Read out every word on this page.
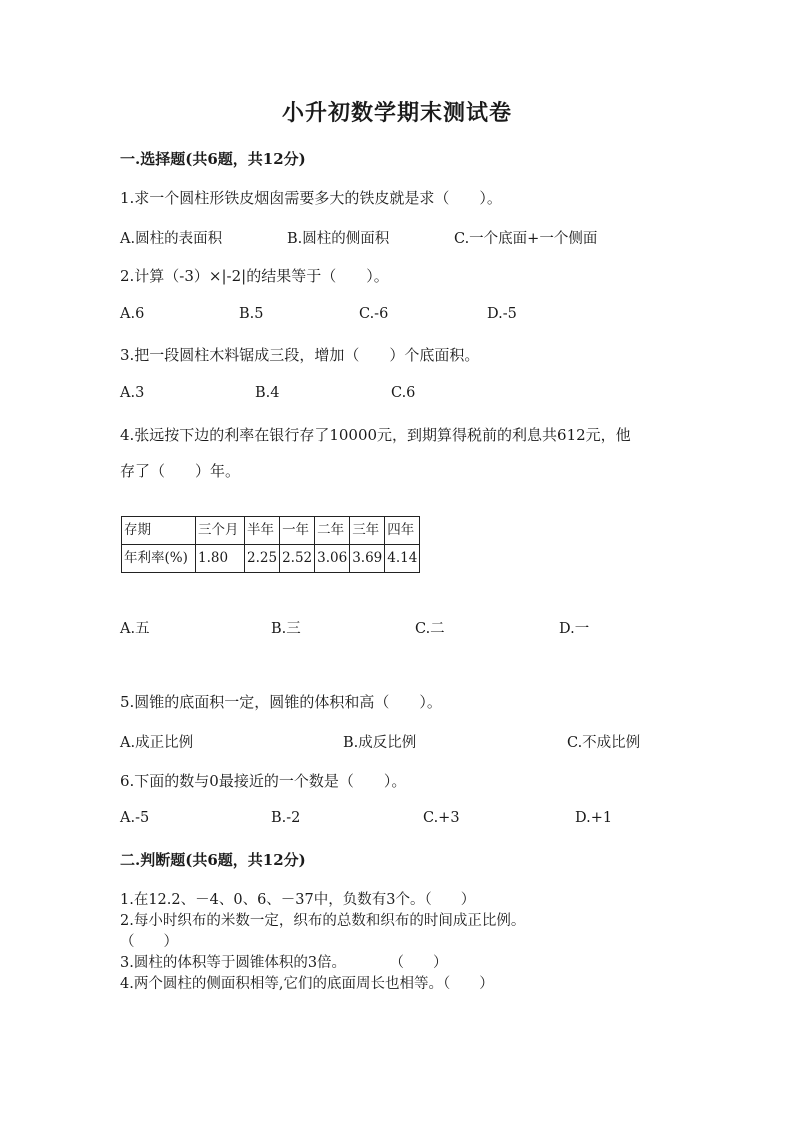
小升初数学期末测试卷
一.选择题(共6题，共12分)
1.求一个圆柱形铁皮烟囱需要多大的铁皮就是求（　　）。
A.圆柱的表面积	B.圆柱的侧面积	C.一个底面+一个侧面
2.计算（-3）×|-2|的结果等于（　　）。
A.6	B.5	C.-6	D.-5
3.把一段圆柱木料锯成三段，增加（　　）个底面积。
A.3	B.4	C.6
4.张远按下边的利率在银行存了10000元，到期算得税前的利息共612元，他
存了（　　）年。
存期	三个月	半年	一年	二年	三年	四年
年利率(%)	1.80	2.25	2.52	3.06	3.69	4.14
A.五	B.三	C.二	D.一
5.圆锥的底面积一定，圆锥的体积和高（　　）。
A.成正比例	B.成反比例	C.不成比例
6.下面的数与0最接近的一个数是（　　）。
A.-5	B.-2	C.+3	D.+1
二.判断题(共6题，共12分)
1.在12.2、－4、0、6、－37中，负数有3个。（　　）
2.每小时织布的米数一定，织布的总数和织布的时间成正比例。
（　　）
3.圆柱的体积等于圆锥体积的3倍。　　　　（　　）
4.两个圆柱的侧面积相等,它们的底面周长也相等。（　　）
